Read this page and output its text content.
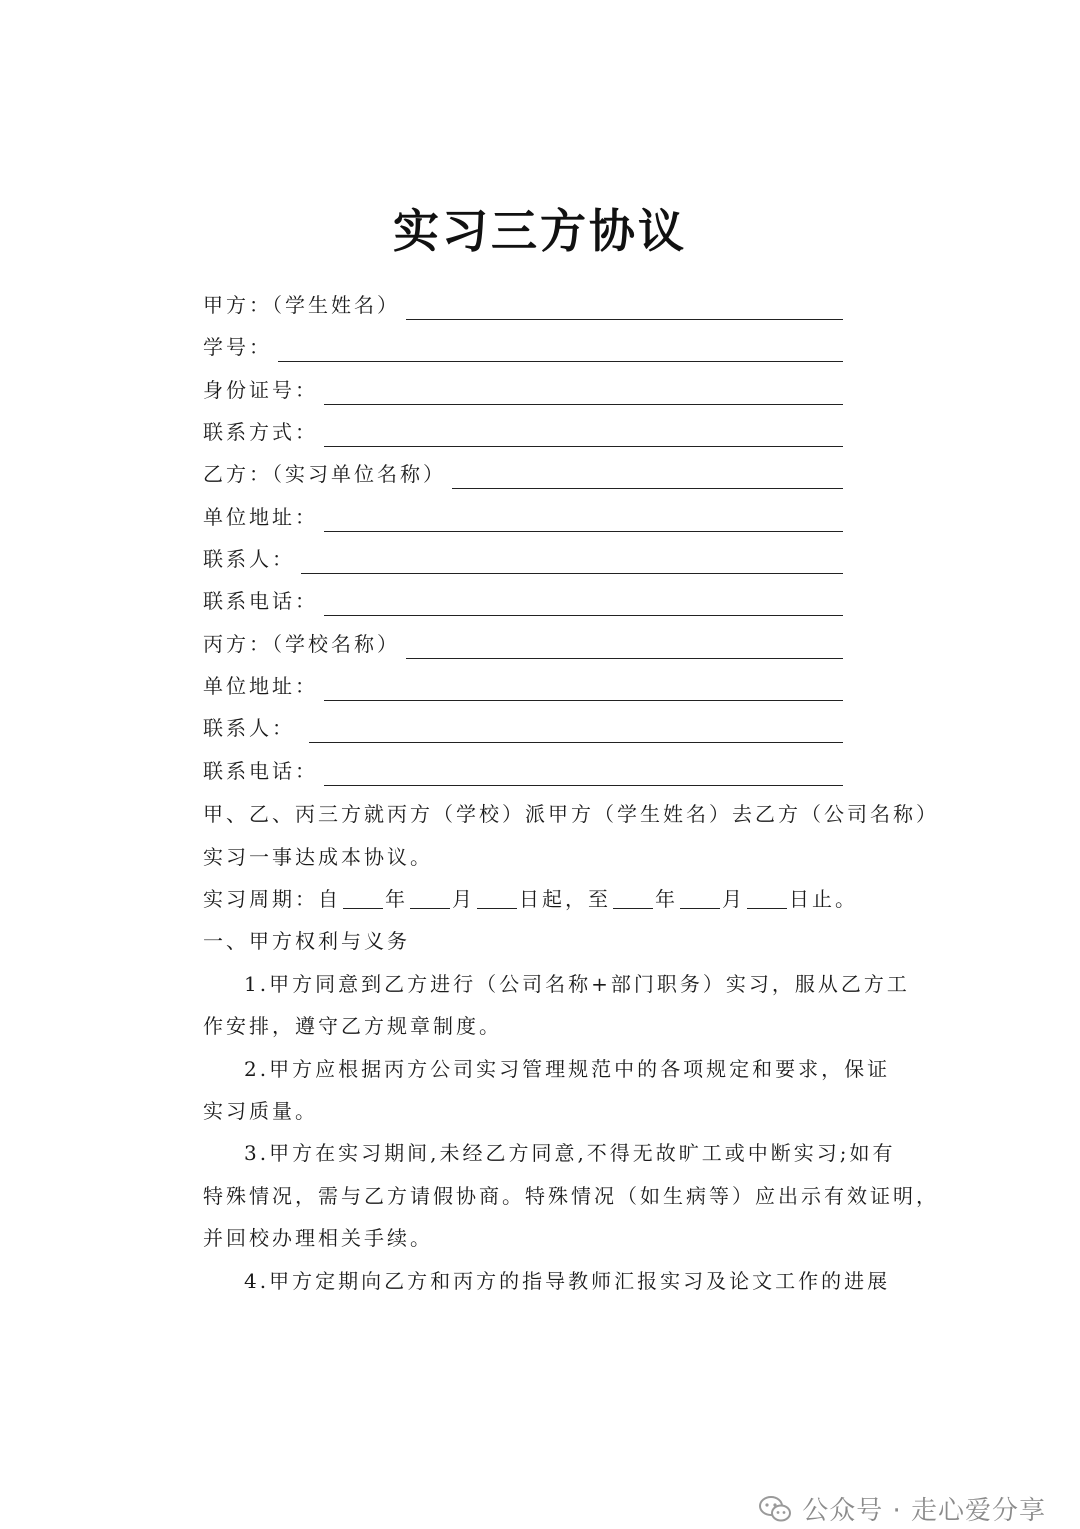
实习三方协议
甲方：（学生姓名）
学号：
身份证号：
联系方式：
乙方：（实习单位名称）
单位地址：
联系人：
联系电话：
丙方：（学校名称）
单位地址：
联系人：
联系电话：
甲、乙、丙三方就丙方（学校）派甲方（学生姓名）去乙方（公司名称）
实习一事达成本协议。
实习周期：自 年 月 日起，至 年 月 日止。
一、甲方权利与义务
1.甲方同意到乙方进行（公司名称+部门职务）实习，服从乙方工
作安排，遵守乙方规章制度。
2.甲方应根据丙方公司实习管理规范中的各项规定和要求，保证
实习质量。
3.甲方在实习期间,未经乙方同意,不得无故旷工或中断实习;如有
特殊情况，需与乙方请假协商。特殊情况（如生病等）应出示有效证明，
并回校办理相关手续。
4.甲方定期向乙方和丙方的指导教师汇报实习及论文工作的进展
公众号 · 走心爱分享
